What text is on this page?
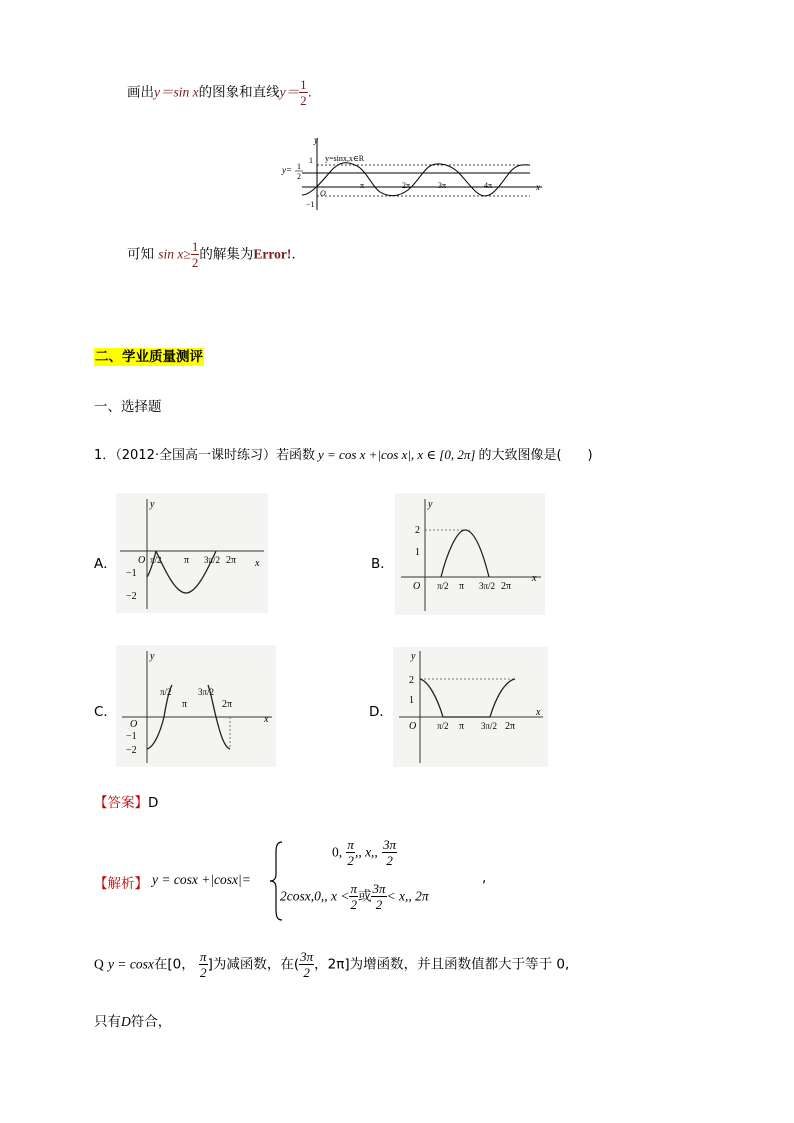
画出y＝sin x的图象和直线$y= \frac{1}{2}$ .
y
x
y=sinx,x∈R
y= 1
2
1
−1
O
π	2π	3π	4π
可知 $\sin x\ge \frac{1}{2}$ 的解集为Error!.
二、学业质量测评
一、选择题
1．（2012·全国高一课时练习）若函数 y = cos x +|cos x|, x ∈ [0, 2π] 的大致图像是(　　)
A．	B．
C．	D．
y
x
O π/2 π 3π/2 2π
−1
−2
y
x
O π/2 π 3π/2 2π
2
1
y
x
O
π/2
π
3π/2
2π
−1
−2
y
x
O π/2 π 3π/2 2π
2
1
【答案】D
【解析】 y = cosx +|cosx|=
0, $\frac{\pi}{2}$ ,, x,, $\frac{3\pi}{2}$
2cosx,0,, $x < \frac{\pi}{2}$ 或 $\frac{3\pi}{2} < x$,, 2π
,
Q y = cosx在[0， $\frac{\pi}{2}$ ]为减函数，在( $\frac{3\pi}{2}$ ，2π]为增函数，并且函数值都大于等于 0,
只有D符合，
